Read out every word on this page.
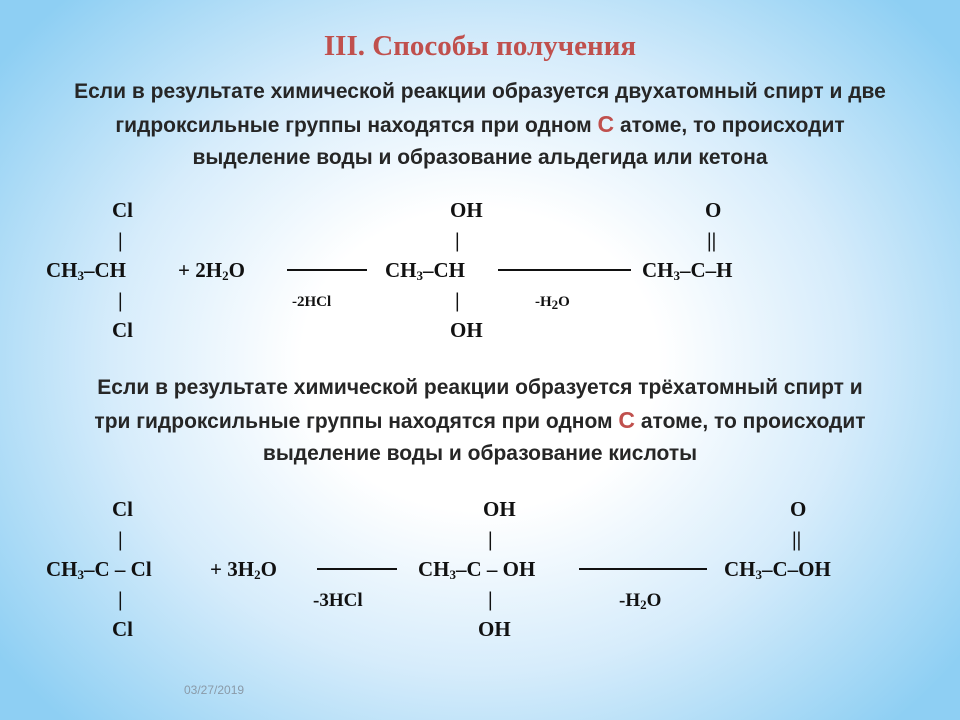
III. Способы получения
Если в результате химической реакции образуется двухатомный спирт и две
гидроксильные группы находятся при одном C атоме, то происходит
выделение воды и образование альдегида или кетона
Cl
|
$CH_3-CH$
|
Cl
+ $2H_2O$
-2HCl
OH
|
$CH_3-CH$
|
OH
$-H_2O$
O
||
$CH_3-C-H$
Если в результате химической реакции образуется трёхатомный спирт и
три гидроксильные группы находятся при одном C атоме, то происходит
выделение воды и образование кислоты
Cl
|
$CH_3-C$ – Cl
|
Cl
+ $3H_2O$
-3HCl
OH
|
$CH_3-C$ – OH
|
OH
$-H_2O$
O
||
$CH_3-C-OH$
03/27/2019
